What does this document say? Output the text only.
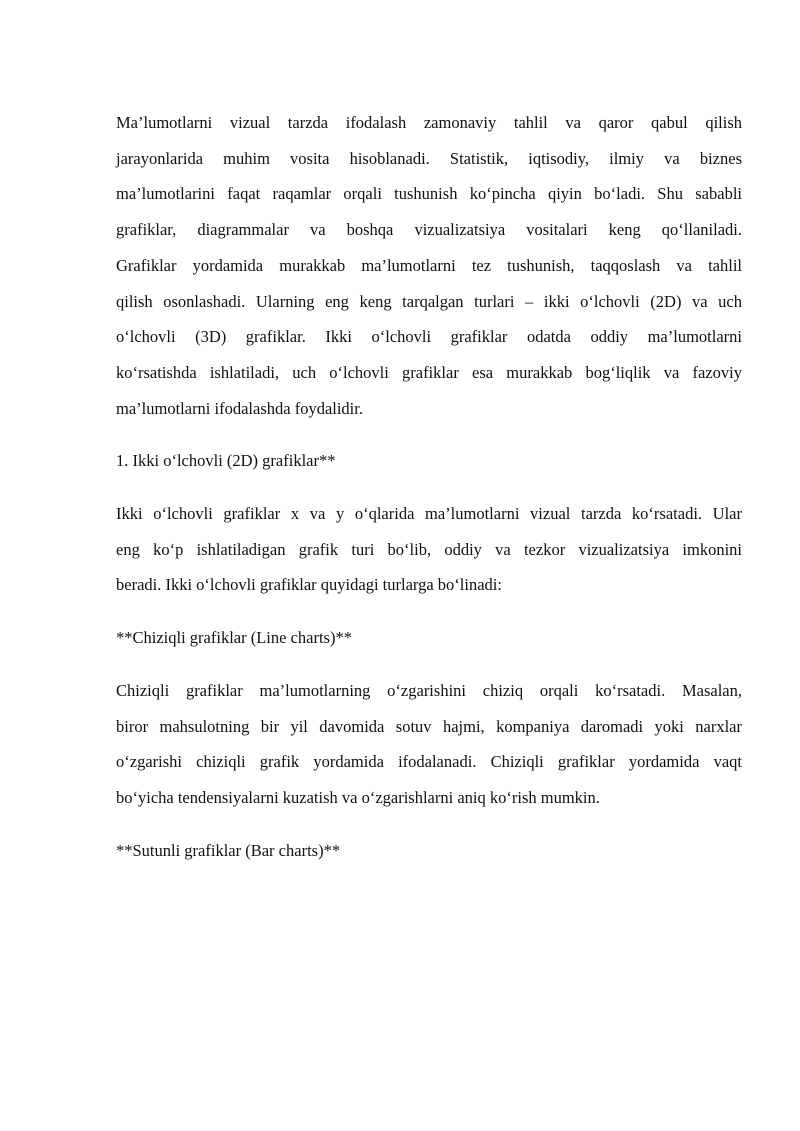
Ma’lumotlarni vizual tarzda ifodalash zamonaviy tahlil va qaror qabul qilish
jarayonlarida muhim vosita hisoblanadi. Statistik, iqtisodiy, ilmiy va biznes
ma’lumotlarini faqat raqamlar orqali tushunish ko‘pincha qiyin bo‘ladi. Shu sababli
grafiklar, diagrammalar va boshqa vizualizatsiya vositalari keng qo‘llaniladi.
Grafiklar yordamida murakkab ma’lumotlarni tez tushunish, taqqoslash va tahlil
qilish osonlashadi. Ularning eng keng tarqalgan turlari – ikki o‘lchovli (2D) va uch
o‘lchovli (3D) grafiklar. Ikki o‘lchovli grafiklar odatda oddiy ma’lumotlarni
ko‘rsatishda ishlatiladi, uch o‘lchovli grafiklar esa murakkab bog‘liqlik va fazoviy
ma’lumotlarni ifodalashda foydalidir.

1. Ikki o‘lchovli (2D) grafiklar**

Ikki o‘lchovli grafiklar x va y o‘qlarida ma’lumotlarni vizual tarzda ko‘rsatadi. Ular
eng ko‘p ishlatiladigan grafik turi bo‘lib, oddiy va tezkor vizualizatsiya imkonini
beradi. Ikki o‘lchovli grafiklar quyidagi turlarga bo‘linadi:

**Chiziqli grafiklar (Line charts)**

Chiziqli grafiklar ma’lumotlarning o‘zgarishini chiziq orqali ko‘rsatadi. Masalan,
biror mahsulotning bir yil davomida sotuv hajmi, kompaniya daromadi yoki narxlar
o‘zgarishi chiziqli grafik yordamida ifodalanadi. Chiziqli grafiklar yordamida vaqt
bo‘yicha tendensiyalarni kuzatish va o‘zgarishlarni aniq ko‘rish mumkin.

**Sutunli grafiklar (Bar charts)**
